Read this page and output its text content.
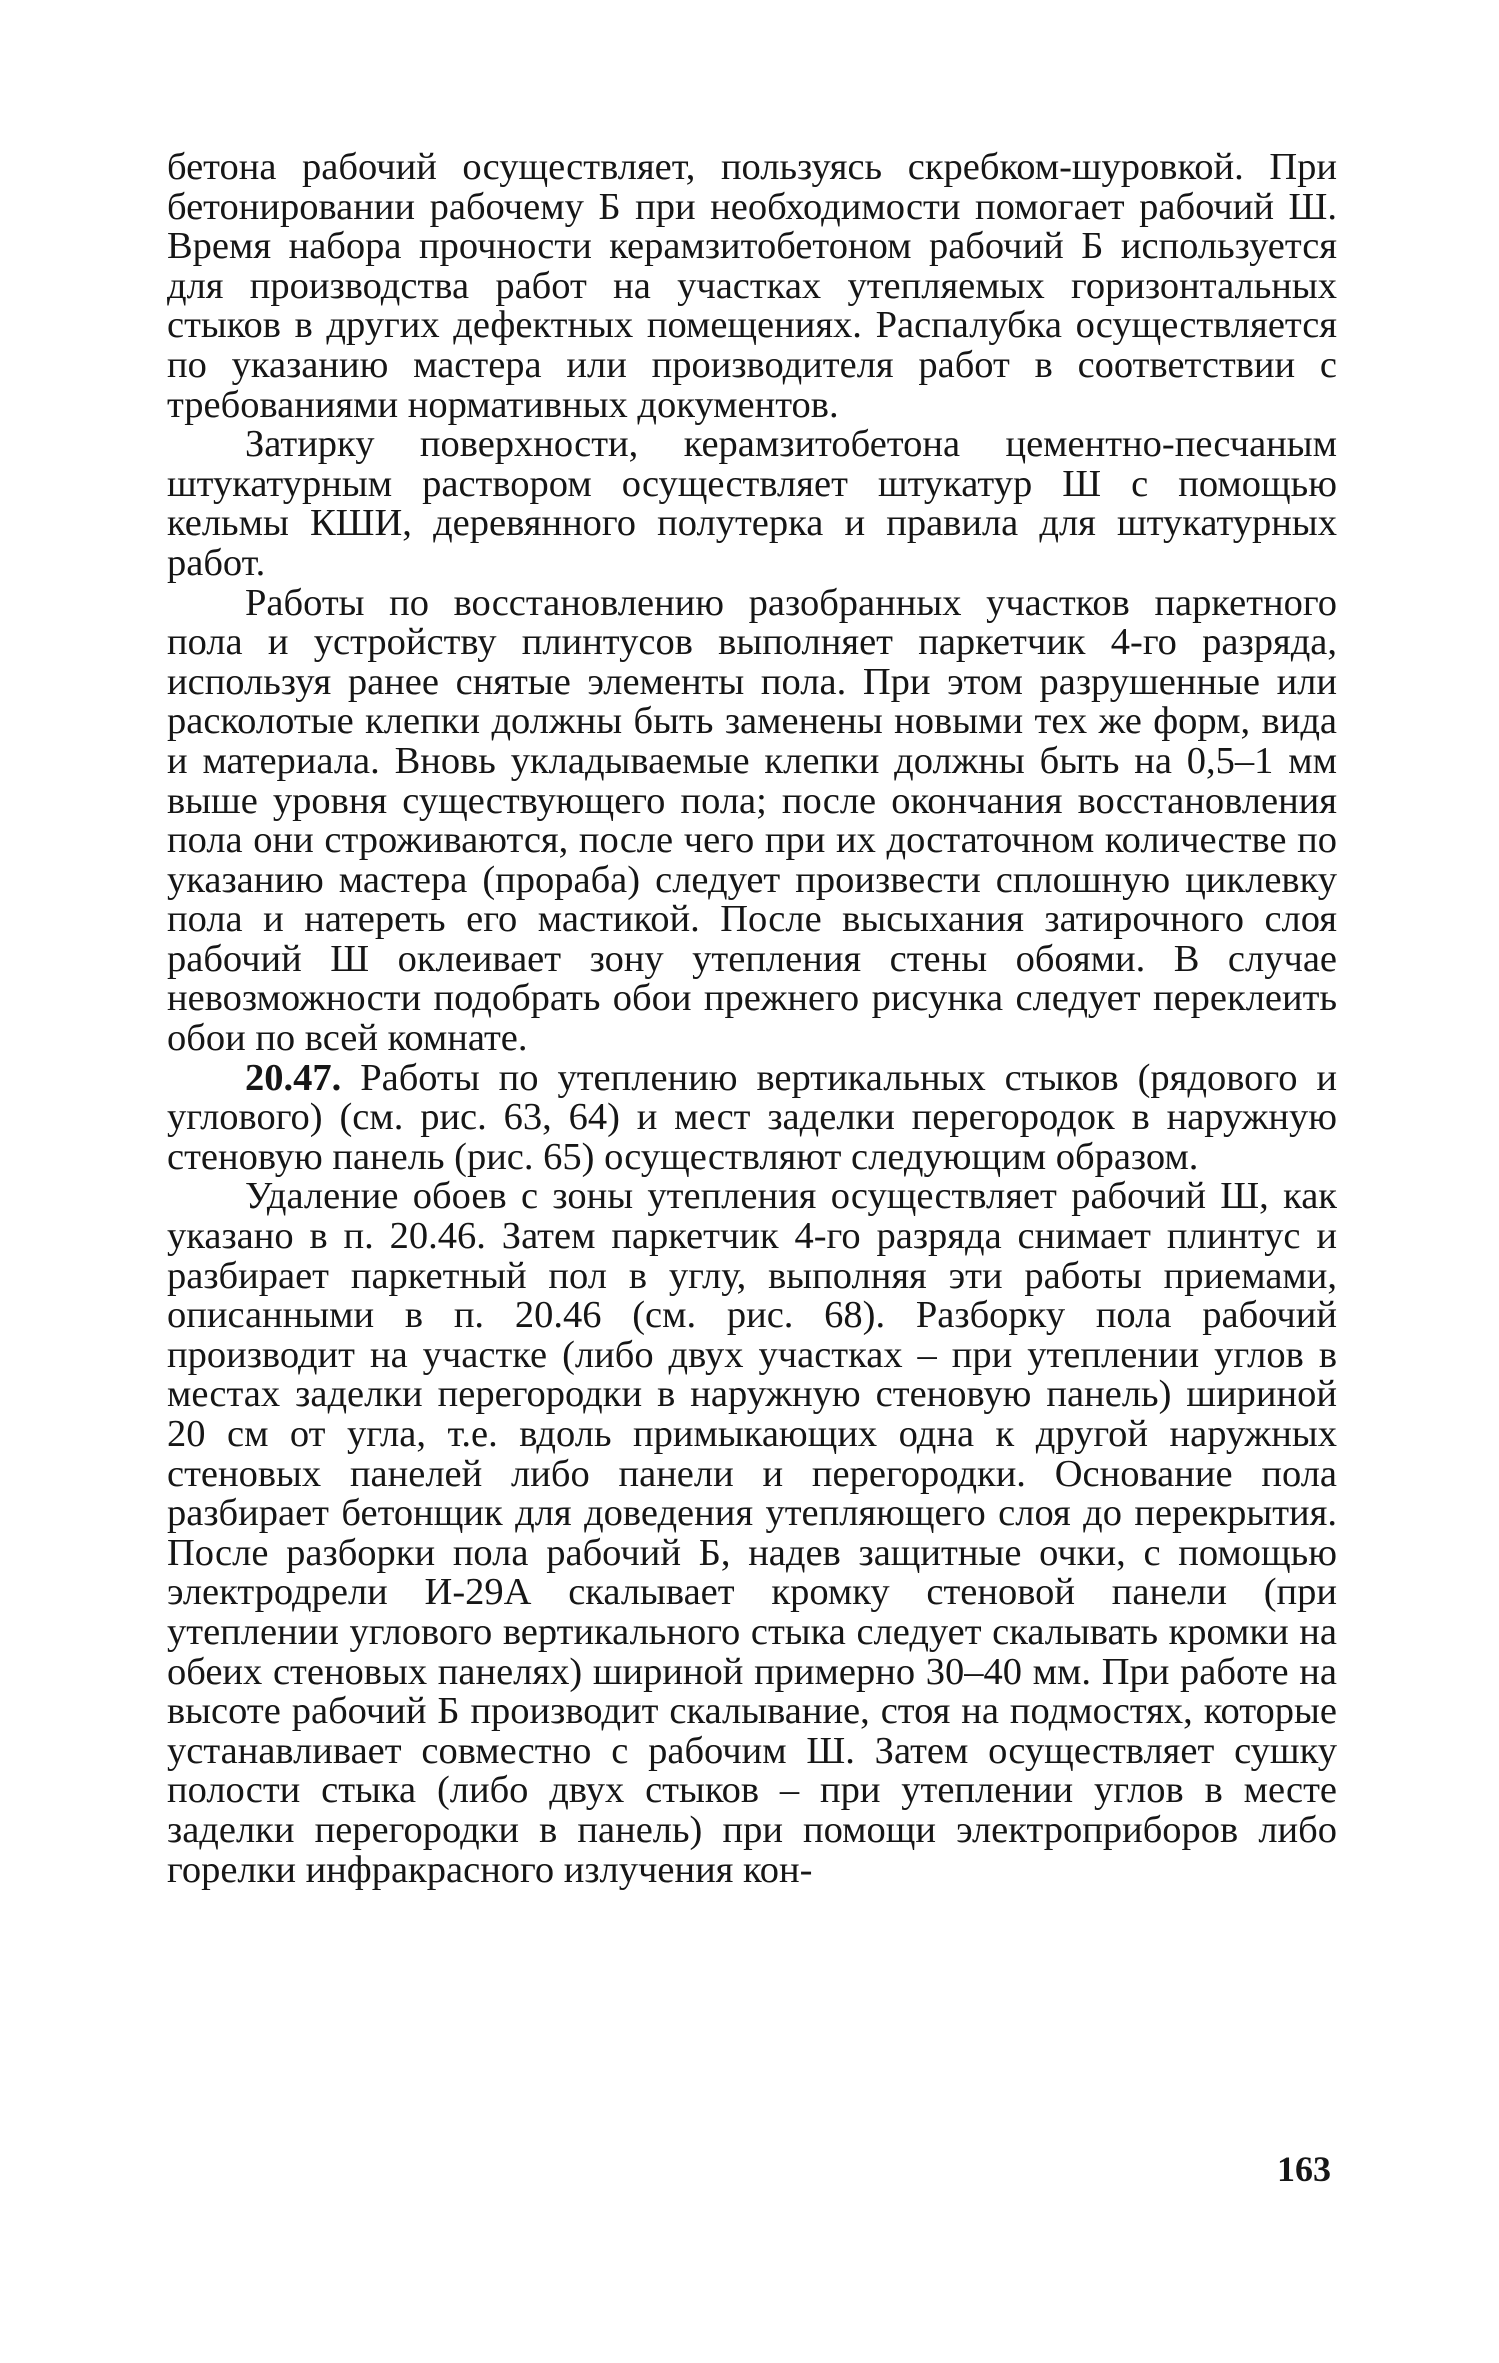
бетона рабочий осуществляет, пользуясь скребком-шуровкой. При бетонировании рабочему Б при необходимости помогает рабочий Ш. Время набора прочности керамзитобетоном рабочий Б используется для производства работ на участках утепляемых горизонтальных стыков в других дефектных помещениях. Распалубка осуществляется по указанию мастера или производителя работ в соответствии с требованиями нормативных документов.

Затирку поверхности, керамзитобетона цементно-песчаным штукатурным раствором осуществляет штукатур Ш с помощью кельмы КШИ, деревянного полутерка и правила для штукатурных работ.

Работы по восстановлению разобранных участков паркетного пола и устройству плинтусов выполняет паркетчик 4-го разряда, используя ранее снятые элементы пола. При этом разрушенные или расколотые клепки должны быть заменены новыми тех же форм, вида и материала. Вновь укладываемые клепки должны быть на 0,5–1 мм выше уровня существующего пола; после окончания восстановления пола они строживаются, после чего при их достаточном количестве по указанию мастера (прораба) следует произвести сплошную циклевку пола и натереть его мастикой. После высыхания затирочного слоя рабочий Ш оклеивает зону утепления стены обоями. В случае невозможности подобрать обои прежнего рисунка следует переклеить обои по всей комнате.

20.47. Работы по утеплению вертикальных стыков (рядового и углового) (см. рис. 63, 64) и мест заделки перегородок в наружную стеновую панель (рис. 65) осуществляют следующим образом.

Удаление обоев с зоны утепления осуществляет рабочий Ш, как указано в п. 20.46. Затем паркетчик 4-го разряда снимает плинтус и разбирает паркетный пол в углу, выполняя эти работы приемами, описанными в п. 20.46 (см. рис. 68). Разборку пола рабочий производит на участке (либо двух участках – при утеплении углов в местах заделки перегородки в наружную стеновую панель) шириной 20 см от угла, т.е. вдоль примыкающих одна к другой наружных стеновых панелей либо панели и перегородки. Основание пола разбирает бетонщик для доведения утепляющего слоя до перекрытия. После разборки пола рабочий Б, надев защитные очки, с помощью электродрели И-29А скалывает кромку стеновой панели (при утеплении углового вертикального стыка следует скалывать кромки на обеих стеновых панелях) шириной примерно 30–40 мм. При работе на высоте рабочий Б производит скалывание, стоя на подмостях, которые устанавливает совместно с рабочим Ш. Затем осуществляет сушку полости стыка (либо двух стыков – при утеплении углов в месте заделки перегородки в панель) при помощи электроприборов либо горелки инфракрасного излучения кон-

163
